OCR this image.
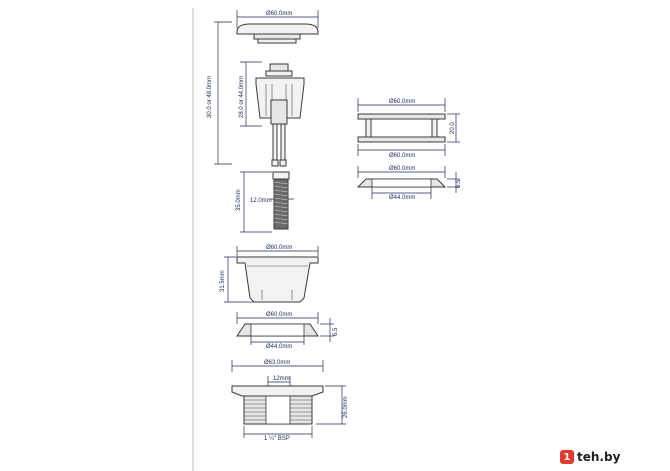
Ø60.0mm
30.0 or 48.0mm	28.0 or 44.0mm
35.0mm 12.0mm
Ø60.0mm
31.5mm
Ø60.0mm
Ø44.0mm
6.5
Ø63.0mm
12mm
26.0mm
1 ¼" BSP
Ø60.0mm
20.0
Ø60.0mm
Ø60.0mm
Ø44.0mm
6.5
1 teh.by
